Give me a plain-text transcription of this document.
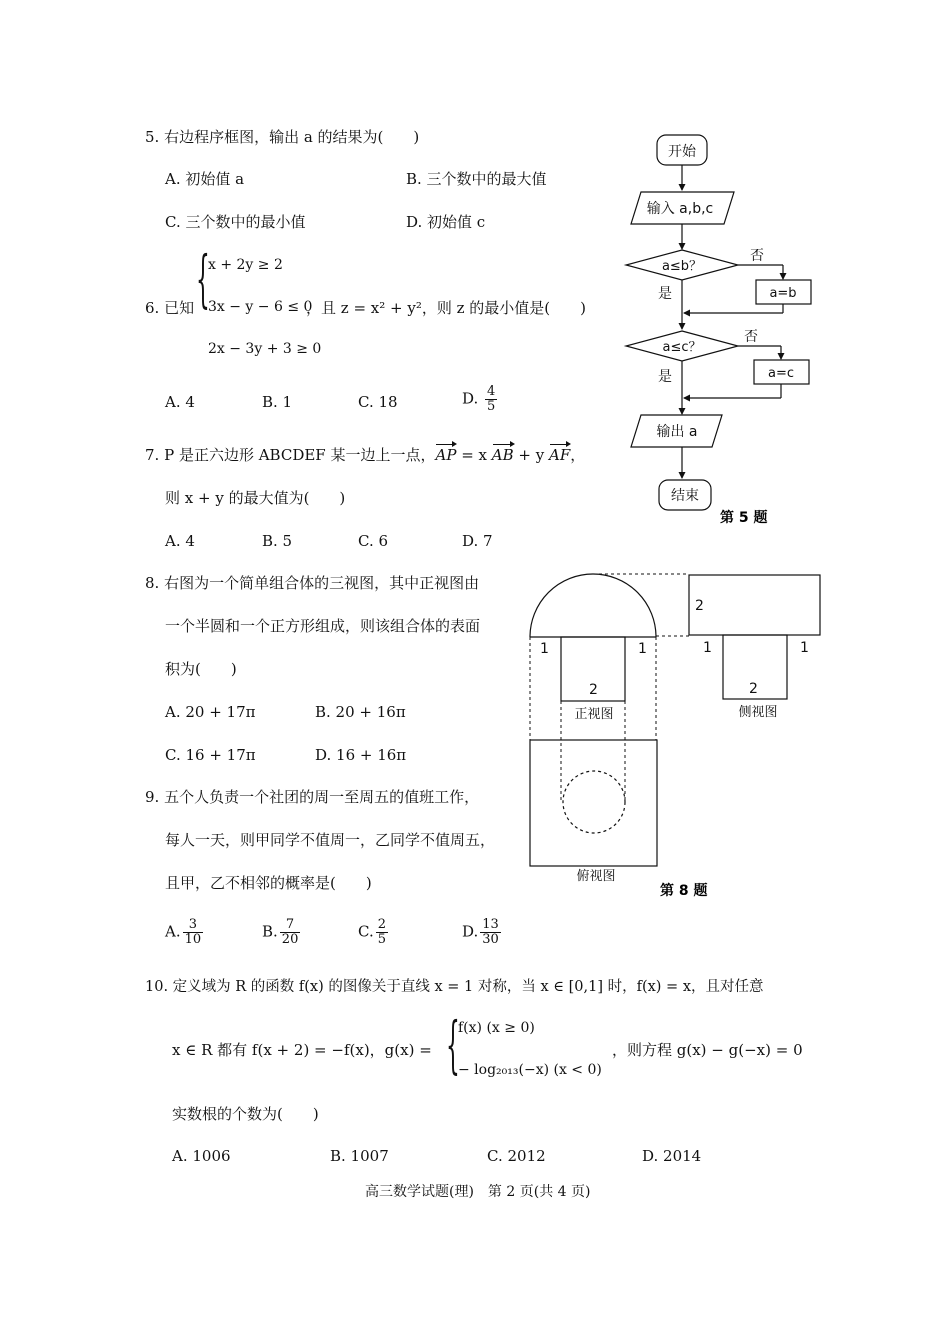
5. 右边程序框图，输出 a 的结果为(　　)
A. 初始值 a	B. 三个数中的最大值
C. 三个数中的最小值	D. 初始值 c
6. 已知 {
x + 2y ≥ 2
3x − y − 6 ≤ 0
2x − 3y + 3 ≥ 0
，且 z = x² + y²，则 z 的最小值是(　　)
A. 4	B. 1	C. 18	D. $\frac{4}{5}$
7. P 是正六边形 ABCDEF 某一边上一点，AP = x AB + y AF，
则 x + y 的最大值为(　　)
A. 4	B. 5	C. 6	D. 7
8. 右图为一个简单组合体的三视图，其中正视图由
一个半圆和一个正方形组成，则该组合体的表面
积为(　　)
A. 20 + 17π	B. 20 + 16π
C. 16 + 17π	D. 16 + 16π
9. 五个人负责一个社团的周一至周五的值班工作，
每人一天，则甲同学不值周一，乙同学不值周五，
且甲，乙不相邻的概率是(　　)
A. $\frac{3}{10}$	B. $\frac{7}{20}$	C. $\frac{2}{5}$	D. $\frac{13}{30}$
10. 定义域为 R 的函数 f(x) 的图像关于直线 x = 1 对称，当 x ∈ [0,1] 时，f(x) = x，且对任意
x ∈ R 都有 f(x + 2) = −f(x)，g(x) = {
f(x) (x ≥ 0)
− log₂₀₁₃(−x) (x < 0)
，则方程 g(x) − g(−x) = 0
实数根的个数为(　　)
A. 1006	B. 1007	C. 2012	D. 2014
高三数学试题(理)　第 2 页(共 4 页)
开始
输入 a,b,c
a≤b？
否
a=b
是
a≤c？
否
a=c
是
输出 a
结束
第 5 题
1	1
2
正视图
2
1	1
2
侧视图
俯视图
第 8 题
